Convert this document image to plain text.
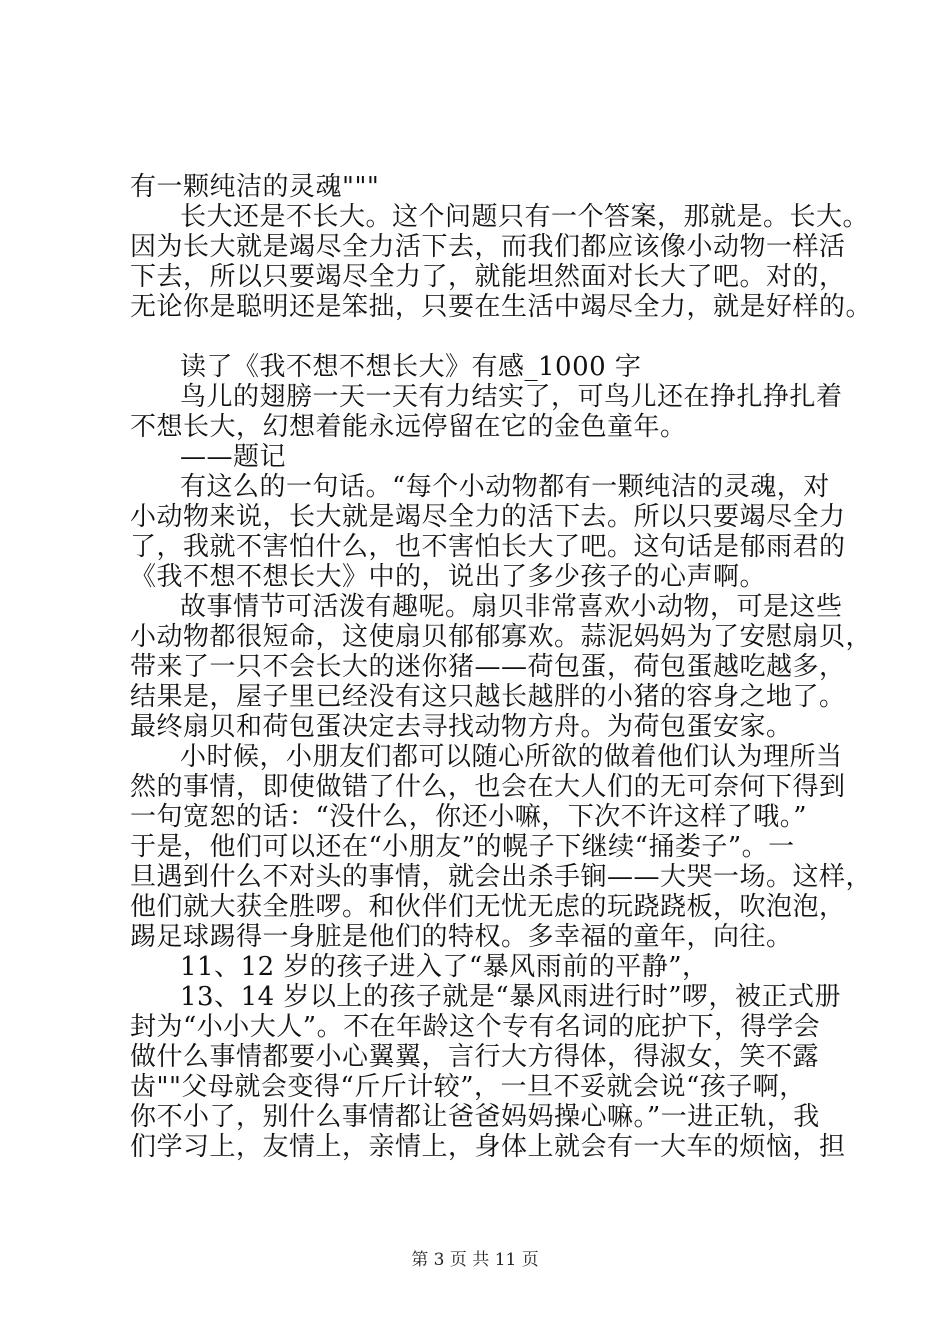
有一颗纯洁的灵魂"""
长大还是不长大。这个问题只有一个答案，那就是。长大。
因为长大就是竭尽全力活下去，而我们都应该像小动物一样活
下去，所以只要竭尽全力了，就能坦然面对长大了吧。对的，
无论你是聪明还是笨拙，只要在生活中竭尽全力，就是好样的。
读了《我不想不想长大》有感_1000 字
鸟儿的翅膀一天一天有力结实了，可鸟儿还在挣扎挣扎着
不想长大，幻想着能永远停留在它的金色童年。
——题记
有这么的一句话。“每个小动物都有一颗纯洁的灵魂，对
小动物来说，长大就是竭尽全力的活下去。所以只要竭尽全力
了，我就不害怕什么，也不害怕长大了吧。这句话是郁雨君的
《我不想不想长大》中的，说出了多少孩子的心声啊。
故事情节可活泼有趣呢。扇贝非常喜欢小动物，可是这些
小动物都很短命，这使扇贝郁郁寡欢。蒜泥妈妈为了安慰扇贝，
带来了一只不会长大的迷你猪——荷包蛋，荷包蛋越吃越多，
结果是，屋子里已经没有这只越长越胖的小猪的容身之地了。
最终扇贝和荷包蛋决定去寻找动物方舟。为荷包蛋安家。
小时候，小朋友们都可以随心所欲的做着他们认为理所当
然的事情，即使做错了什么，也会在大人们的无可奈何下得到
一句宽恕的话：“没什么，你还小嘛，下次不许这样了哦。”
于是，他们可以还在“小朋友”的幌子下继续“捅娄子”。一
旦遇到什么不对头的事情，就会出杀手锏——大哭一场。这样，
他们就大获全胜啰。和伙伴们无忧无虑的玩跷跷板，吹泡泡，
踢足球踢得一身脏是他们的特权。多幸福的童年，向往。
11、12 岁的孩子进入了“暴风雨前的平静”，
13、14 岁以上的孩子就是“暴风雨进行时”啰，被正式册
封为“小小大人”。不在年龄这个专有名词的庇护下，得学会
做什么事情都要小心翼翼，言行大方得体，得淑女，笑不露
齿""父母就会变得“斤斤计较”，一旦不妥就会说“孩子啊，
你不小了，别什么事情都让爸爸妈妈操心嘛。”一进正轨，我
们学习上，友情上，亲情上，身体上就会有一大车的烦恼，担
第 3 页 共 11 页
